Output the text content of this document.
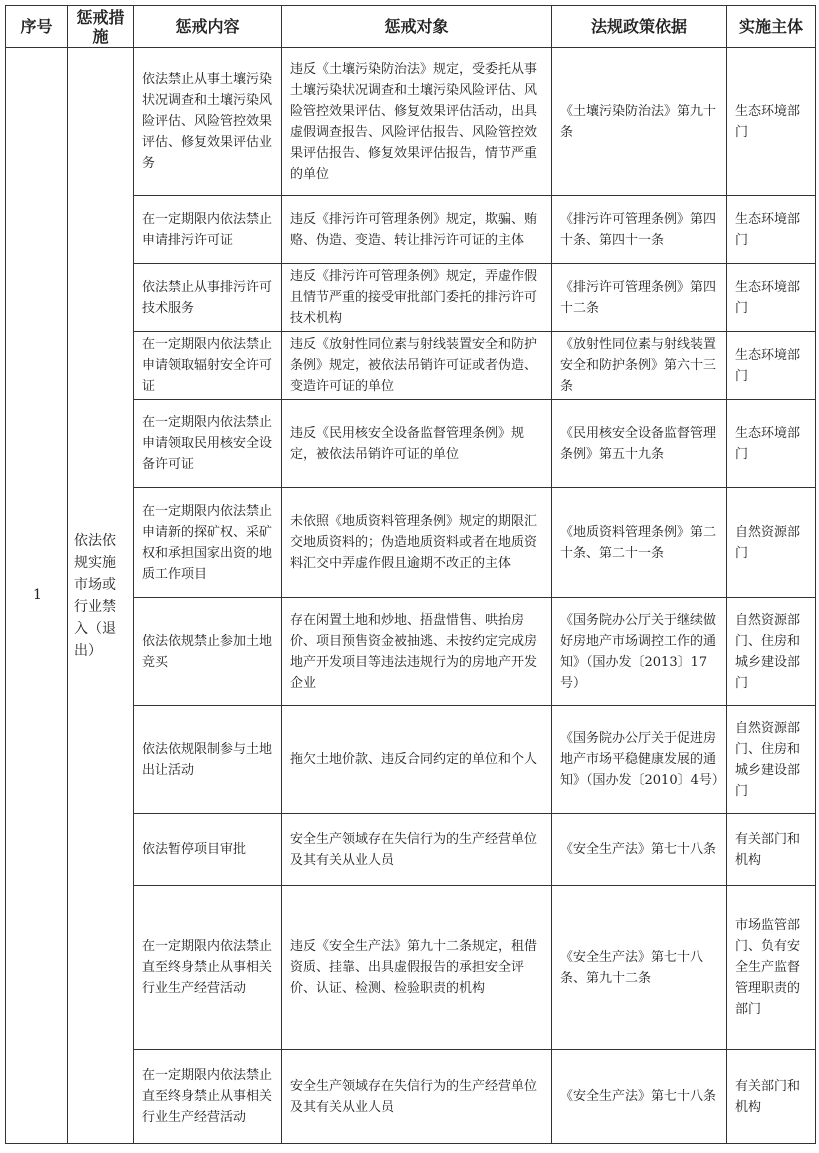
序号	惩戒措施	惩戒内容	惩戒对象	法规政策依据	实施主体
1	依法依规实施市场或行业禁入（退出）	依法禁止从事土壤污染状况调查和土壤污染风险评估、风险管控效果评估、修复效果评估业务	违反《土壤污染防治法》规定，受委托从事土壤污染状况调查和土壤污染风险评估、风险管控效果评估、修复效果评估活动，出具虚假调查报告、风险评估报告、风险管控效果评估报告、修复效果评估报告，情节严重的单位	《土壤污染防治法》第九十条	生态环境部门
		在一定期限内依法禁止申请排污许可证	违反《排污许可管理条例》规定，欺骗、贿赂、伪造、变造、转让排污许可证的主体	《排污许可管理条例》第四十条、第四十一条	生态环境部门
		依法禁止从事排污许可技术服务	违反《排污许可管理条例》规定，弄虚作假且情节严重的接受审批部门委托的排污许可技术机构	《排污许可管理条例》第四十二条	生态环境部门
		在一定期限内依法禁止申请领取辐射安全许可证	违反《放射性同位素与射线装置安全和防护条例》规定，被依法吊销许可证或者伪造、变造许可证的单位	《放射性同位素与射线装置安全和防护条例》第六十三条	生态环境部门
		在一定期限内依法禁止申请领取民用核安全设备许可证	违反《民用核安全设备监督管理条例》规定，被依法吊销许可证的单位	《民用核安全设备监督管理条例》第五十九条	生态环境部门
		在一定期限内依法禁止申请新的探矿权、采矿权和承担国家出资的地质工作项目	未依照《地质资料管理条例》规定的期限汇交地质资料的；伪造地质资料或者在地质资料汇交中弄虚作假且逾期不改正的主体	《地质资料管理条例》第二十条、第二十一条	自然资源部门
		依法依规禁止参加土地竞买	存在闲置土地和炒地、捂盘惜售、哄抬房价、项目预售资金被抽逃、未按约定完成房地产开发项目等违法违规行为的房地产开发企业	《国务院办公厅关于继续做好房地产市场调控工作的通知》（国办发〔2013〕17号）	自然资源部门、住房和城乡建设部门
		依法依规限制参与土地出让活动	拖欠土地价款、违反合同约定的单位和个人	《国务院办公厅关于促进房地产市场平稳健康发展的通知》（国办发〔2010〕4号）	自然资源部门、住房和城乡建设部门
		依法暂停项目审批	安全生产领域存在失信行为的生产经营单位及其有关从业人员	《安全生产法》第七十八条	有关部门和机构
		在一定期限内依法禁止直至终身禁止从事相关行业生产经营活动	违反《安全生产法》第九十二条规定，租借资质、挂靠、出具虚假报告的承担安全评价、认证、检测、检验职责的机构	《安全生产法》第七十八条、第九十二条	市场监管部门、负有安全生产监督管理职责的部门
		在一定期限内依法禁止直至终身禁止从事相关行业生产经营活动	安全生产领域存在失信行为的生产经营单位及其有关从业人员	《安全生产法》第七十八条	有关部门和机构
